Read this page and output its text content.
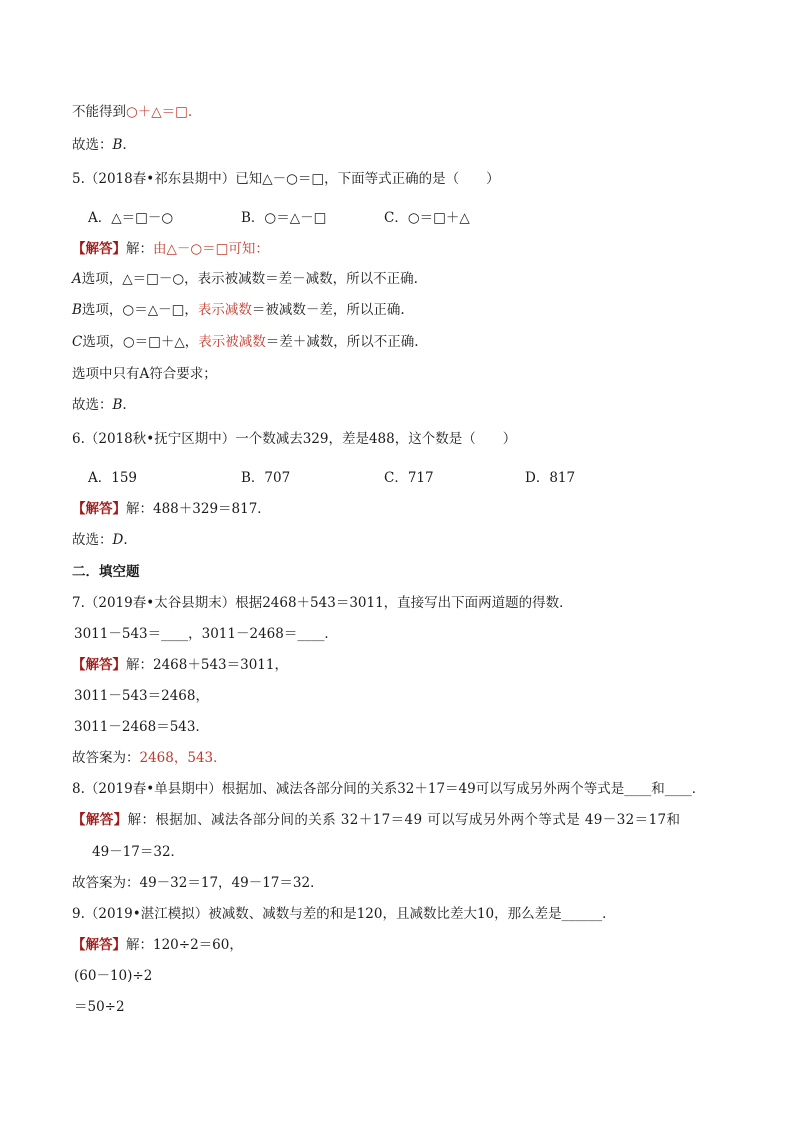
不能得到○＋△＝□.
故选：B.
5.（2018春•祁东县期中）已知△－○＝□，下面等式正确的是（　　）
A．△＝□－○	B．○＝△－□	C．○＝□＋△
【解答】解：由△－○＝□可知：
A选项，△＝□－○，表示被减数＝差－减数，所以不正确.
B选项，○＝△－□，表示减数＝被减数－差，所以正确.
C选项，○＝□＋△，表示被减数＝差＋减数，所以不正确.
选项中只有A符合要求；
故选：B.
6.（2018秋•抚宁区期中）一个数减去329，差是488，这个数是（　　）
A．159	B．707	C．717	D．817
【解答】解：488＋329＝817．
故选：D.
二．填空题
7.（2019春•太谷县期末）根据2468＋543＝3011，直接写出下面两道题的得数．
3011－543＝____，3011－2468＝____．
【解答】解：2468＋543＝3011，
3011－543＝2468，
3011－2468＝543．
故答案为：2468，543．
8.（2019春•单县期中）根据加、减法各部分间的关系32＋17＝49可以写成另外两个等式是____和____．
【解答】解：根据加、减法各部分间的关系 32＋17＝49 可以写成另外两个等式是 49－32＝17和
49－17＝32．
故答案为：49－32＝17，49－17＝32．
9.（2019•湛江模拟）被减数、减数与差的和是120，且减数比差大10，那么差是______．
【解答】解：120÷2＝60，
(60－10)÷2
＝50÷2
